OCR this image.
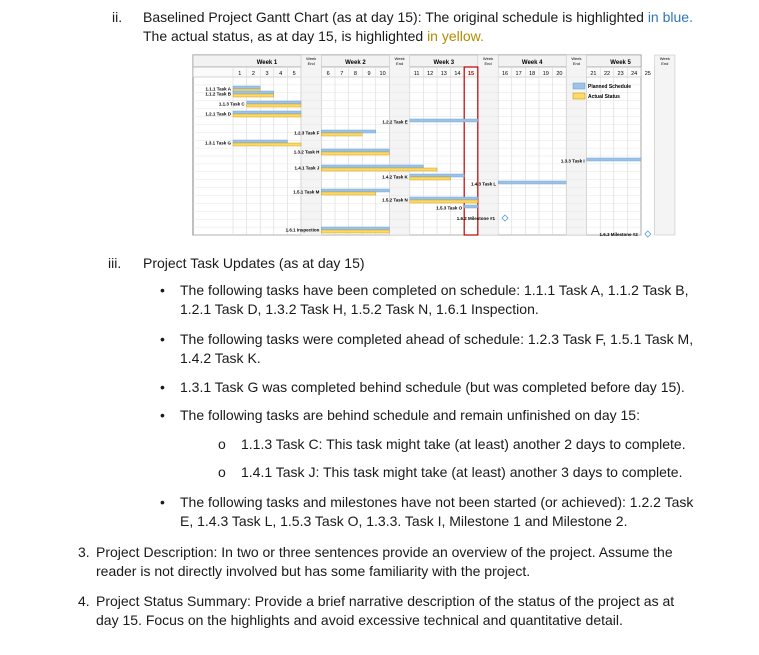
ii. Baselined Project Gantt Chart (as at day 15): The original schedule is highlighted in blue.
The actual status, as at day 15, is highlighted in yellow.
Week
End
Week 1
1 2 3 4 5
Week
End
Week 2
6 7 8 9 10
Week
End
Week 3
11 12 13 14 15
Week
End
Week 4
16 17 18 19 20
Week
End
Week 5
21 22 23 24 25
1.1.1 Task A
1.1.2 Task B
1.1.3 Task C
1.2.1 Task D
1.2.2 Task E
1.2.3 Task F
1.3.1 Task G
1.3.2 Task H
1.3.3 Task I
1.4.1 Task J
1.4.2 Task K
1.4.3 Task L
1.5.1 Task M
1.5.2 Task N
1.5.3 Task O
1.6.2 Milestone #1
1.6.1 Inspection
1.6.3 Milestone #2
Planned Schedule
Actual Status
iii. Project Task Updates (as at day 15)
• The following tasks have been completed on schedule: 1.1.1 Task A, 1.1.2 Task B,
1.2.1 Task D, 1.3.2 Task H, 1.5.2 Task N, 1.6.1 Inspection.
• The following tasks were completed ahead of schedule: 1.2.3 Task F, 1.5.1 Task M,
1.4.2 Task K.
• 1.3.1 Task G was completed behind schedule (but was completed before day 15).
• The following tasks are behind schedule and remain unfinished on day 15:
o 1.1.3 Task C: This task might take (at least) another 2 days to complete.
o 1.4.1 Task J: This task might take (at least) another 3 days to complete.
• The following tasks and milestones have not been started (or achieved): 1.2.2 Task
E, 1.4.3 Task L, 1.5.3 Task O, 1.3.3. Task I, Milestone 1 and Milestone 2.
3. Project Description: In two or three sentences provide an overview of the project. Assume the
reader is not directly involved but has some familiarity with the project.
4. Project Status Summary: Provide a brief narrative description of the status of the project as at
day 15. Focus on the highlights and avoid excessive technical and quantitative detail.
